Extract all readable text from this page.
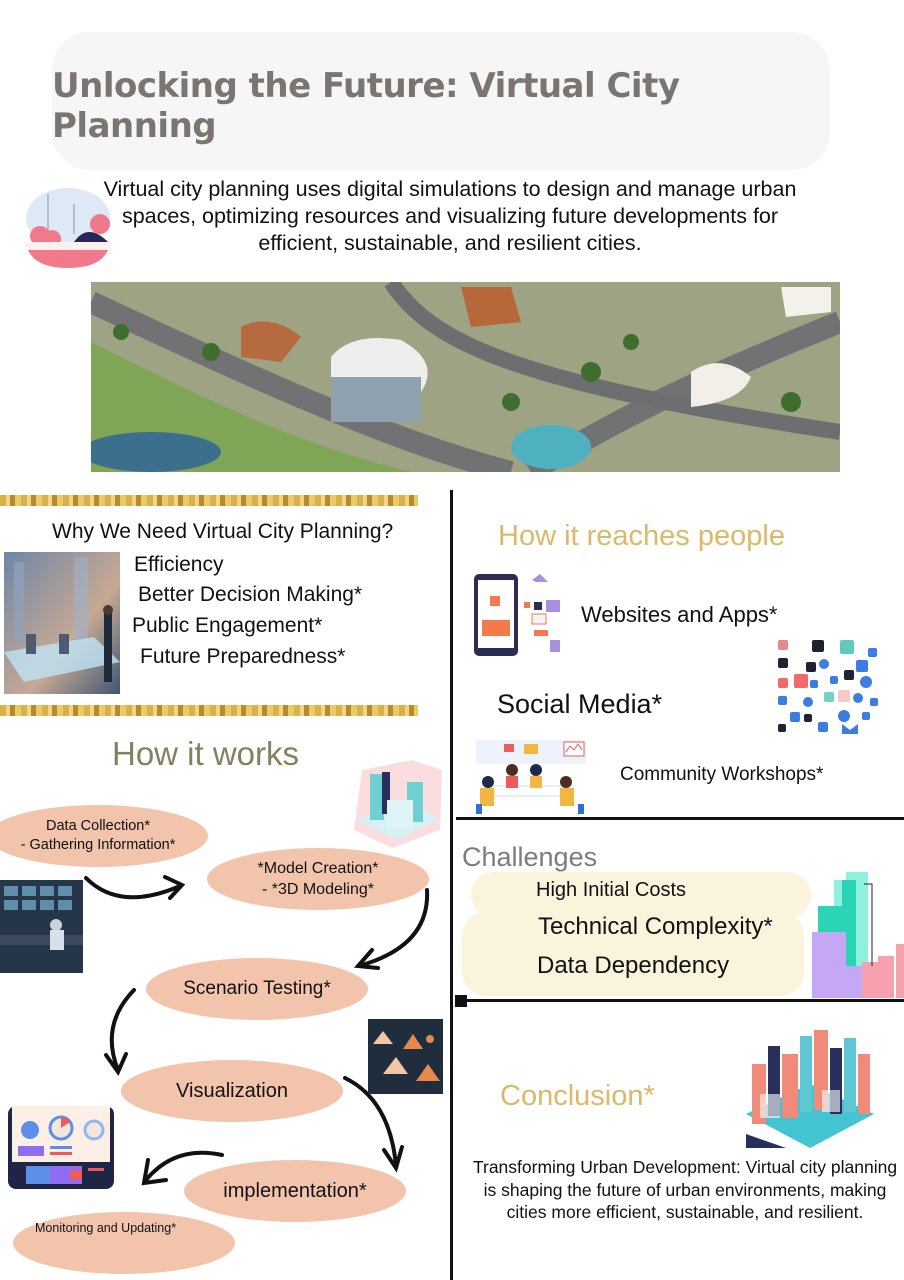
Unlocking the Future: Virtual City Planning
Virtual city planning uses digital simulations to design and manage urban spaces, optimizing resources and visualizing future developments for efficient, sustainable, and resilient cities.
Why We Need Virtual City Planning?
Efficiency
Better Decision Making*
Public Engagement*
Future Preparedness*
How it works
Data Collection*
- Gathering Information*
*Model Creation*
- *3D Modeling*
Scenario Testing*
Visualization
implementation*
Monitoring and Updating*
How it reaches people
Websites and Apps*
Social Media*
Community Workshops*
Challenges
High Initial Costs
Technical Complexity*
Data Dependency
Conclusion*
Transforming Urban Development: Virtual city planning is shaping the future of urban environments, making cities more efficient, sustainable, and resilient.
